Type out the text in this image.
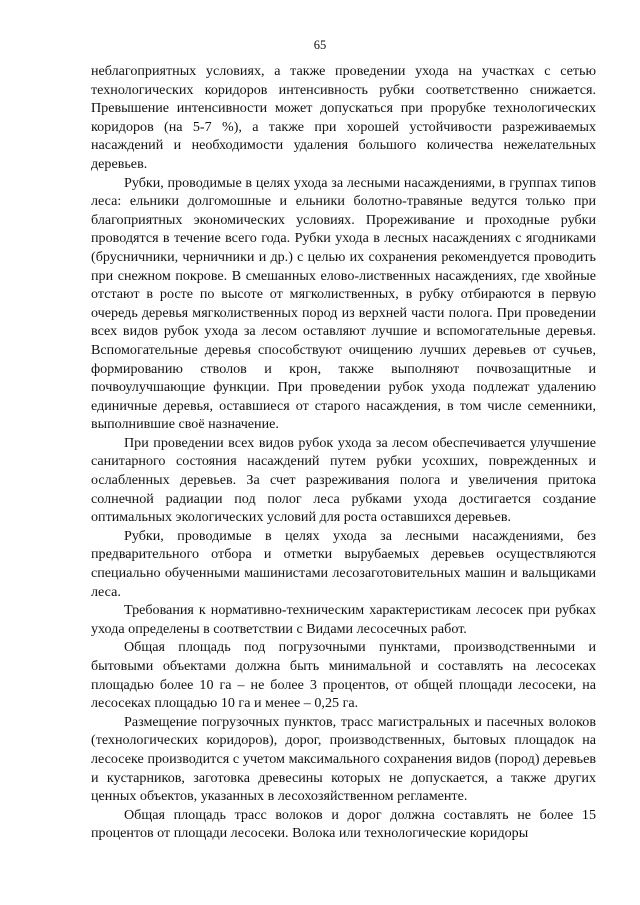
65

неблагоприятных условиях, а также проведении ухода на участках с сетью технологических коридоров интенсивность рубки соответственно снижается. Превышение интенсивности может допускаться при прорубке технологических коридоров (на 5-7 %), а также при хорошей устойчивости разреживаемых насаждений и необходимости удаления большого количества нежелательных деревьев.

Рубки, проводимые в целях ухода за лесными насаждениями, в группах типов леса: ельники долгомошные и ельники болотно-травяные ведутся только при благоприятных экономических условиях. Прореживание и проходные рубки проводятся в течение всего года. Рубки ухода в лесных насаждениях с ягодниками (брусничники, черничники и др.) с целью их сохранения рекомендуется проводить при снежном покрове. В смешанных елово-лиственных насаждениях, где хвойные отстают в росте по высоте от мягколиственных, в рубку отбираются в первую очередь деревья мягколиственных пород из верхней части полога. При проведении всех видов рубок ухода за лесом оставляют лучшие и вспомогательные деревья. Вспомогательные деревья способствуют очищению лучших деревьев от сучьев, формированию стволов и крон, также выполняют почвозащитные и почвоулучшающие функции. При проведении рубок ухода подлежат удалению единичные деревья, оставшиеся от старого насаждения, в том числе семенники, выполнившие своё назначение.

При проведении всех видов рубок ухода за лесом обеспечивается улучшение санитарного состояния насаждений путем рубки усохших, поврежденных и ослабленных деревьев. За счет разреживания полога и увеличения притока солнечной радиации под полог леса рубками ухода достигается создание оптимальных экологических условий для роста оставшихся деревьев.

Рубки, проводимые в целях ухода за лесными насаждениями, без предварительного отбора и отметки вырубаемых деревьев осуществляются специально обученными машинистами лесозаготовительных машин и вальщиками леса.

Требования к нормативно-техническим характеристикам лесосек при рубках ухода определены в соответствии с Видами лесосечных работ.

Общая площадь под погрузочными пунктами, производственными и бытовыми объектами должна быть минимальной и составлять на лесосеках площадью более 10 га – не более 3 процентов, от общей площади лесосеки, на лесосеках площадью 10 га и менее – 0,25 га.

Размещение погрузочных пунктов, трасс магистральных и пасечных волоков (технологических коридоров), дорог, производственных, бытовых площадок на лесосеке производится с учетом максимального сохранения видов (пород) деревьев и кустарников, заготовка древесины которых не допускается, а также других ценных объектов, указанных в лесохозяйственном регламенте.

Общая площадь трасс волоков и дорог должна составлять не более 15 процентов от площади лесосеки. Волока или технологические коридоры
